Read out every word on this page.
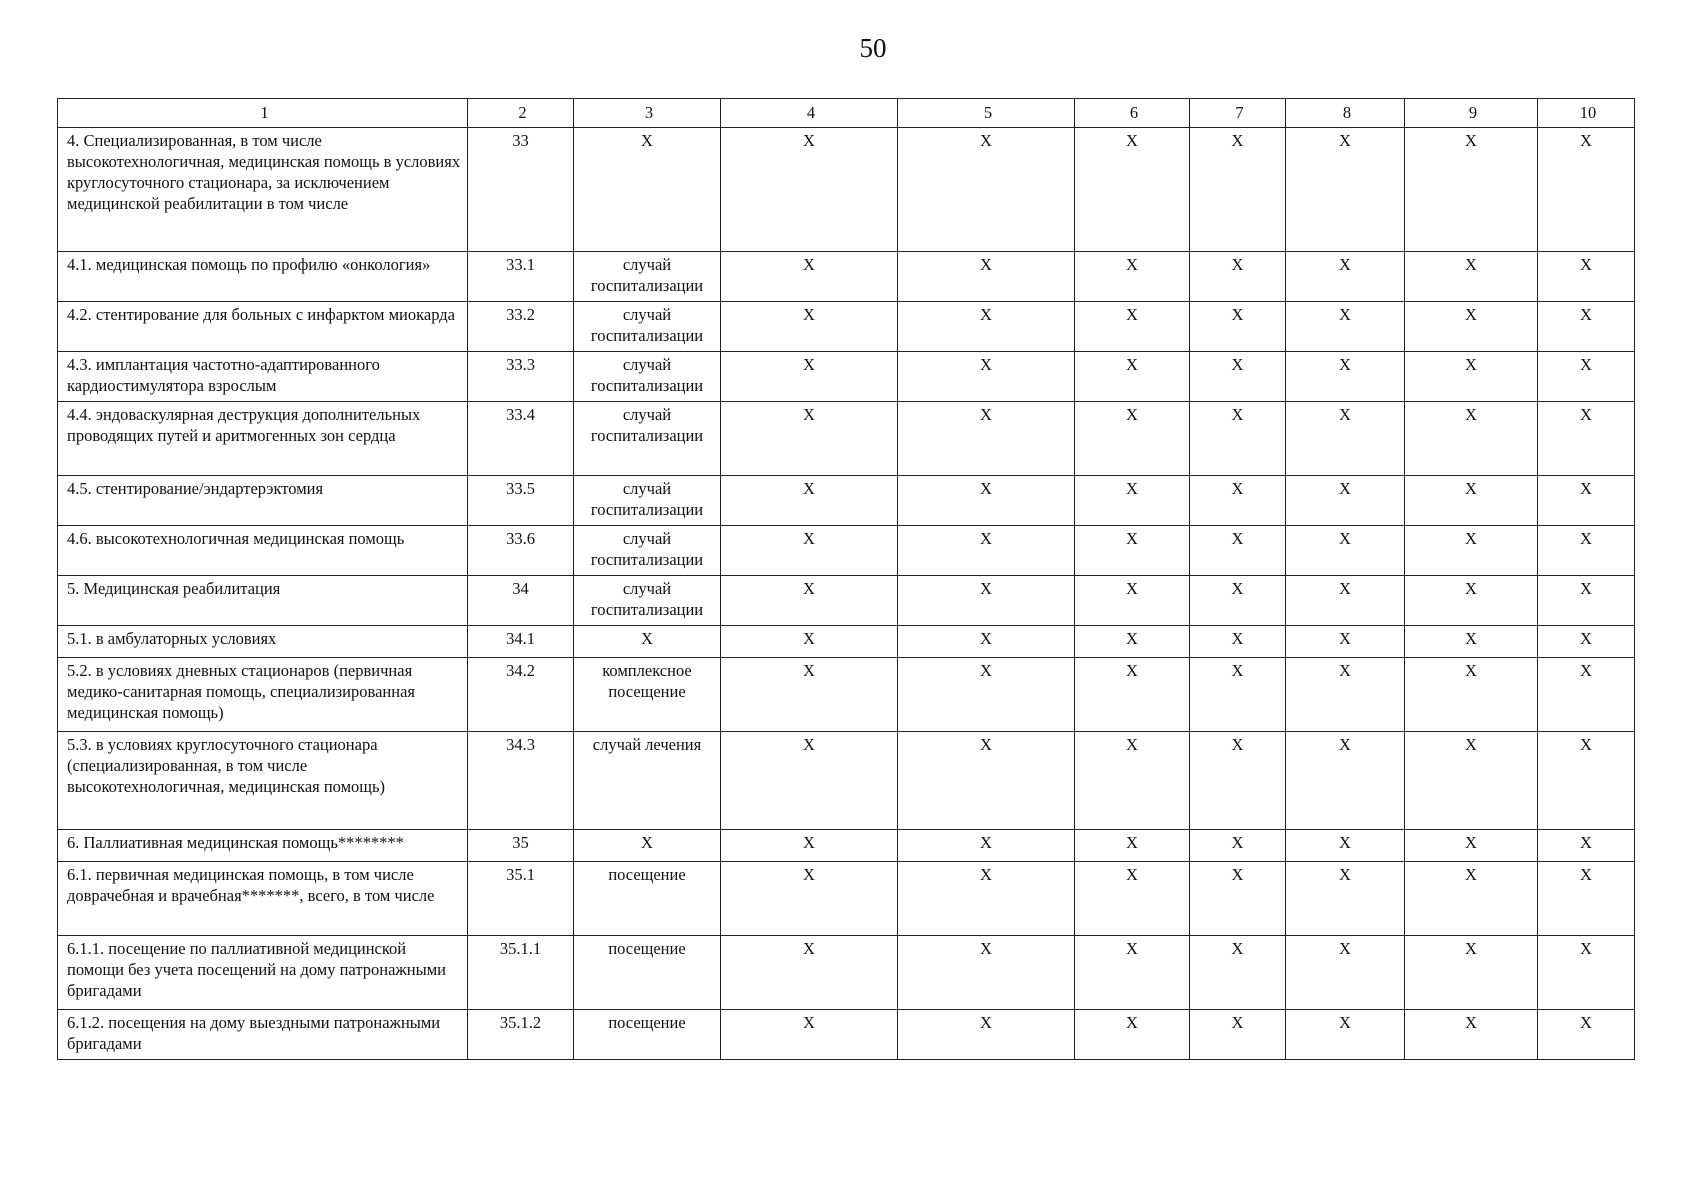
50
1	2	3	4	5	6	7	8	9	10
4. Специализированная, в том числе высокотехнологичная, медицинская помощь в условиях круглосуточного стационара, за исключением медицинской реабилитации в том числе	33	Х	Х	Х	Х	Х	Х	Х	Х
4.1. медицинская помощь по профилю «онкология»	33.1	случай госпитализации	Х	Х	Х	Х	Х	Х	Х
4.2. стентирование для больных с инфарктом миокарда	33.2	случай госпитализации	Х	Х	Х	Х	Х	Х	Х
4.3. имплантация частотно-адаптированного кардиостимулятора взрослым	33.3	случай госпитализации	Х	Х	Х	Х	Х	Х	Х
4.4. эндоваскулярная деструкция дополнительных проводящих путей и аритмогенных зон сердца	33.4	случай госпитализации	Х	Х	Х	Х	Х	Х	Х
4.5. стентирование/эндартерэктомия	33.5	случай госпитализации	Х	Х	Х	Х	Х	Х	Х
4.6. высокотехнологичная медицинская помощь	33.6	случай госпитализации	Х	Х	Х	Х	Х	Х	Х
5. Медицинская реабилитация	34	случай госпитализации	Х	Х	Х	Х	Х	Х	Х
5.1. в амбулаторных условиях	34.1	Х	Х	Х	Х	Х	Х	Х	Х
5.2. в условиях дневных стационаров (первичная медико-санитарная помощь, специализированная медицинская помощь)	34.2	комплексное посещение	Х	Х	Х	Х	Х	Х	Х
5.3. в условиях круглосуточного стационара (специализированная, в том числе высокотехнологичная, медицинская помощь)	34.3	случай лечения	Х	Х	Х	Х	Х	Х	Х
6. Паллиативная медицинская помощь********	35	Х	Х	Х	Х	Х	Х	Х	Х
6.1. первичная медицинская помощь, в том числе доврачебная и врачебная*******, всего, в том числе	35.1	посещение	Х	Х	Х	Х	Х	Х	Х
6.1.1. посещение по паллиативной медицинской помощи без учета посещений на дому патронажными бригадами	35.1.1	посещение	Х	Х	Х	Х	Х	Х	Х
6.1.2. посещения на дому выездными патронажными бригадами	35.1.2	посещение	Х	Х	Х	Х	Х	Х	Х
